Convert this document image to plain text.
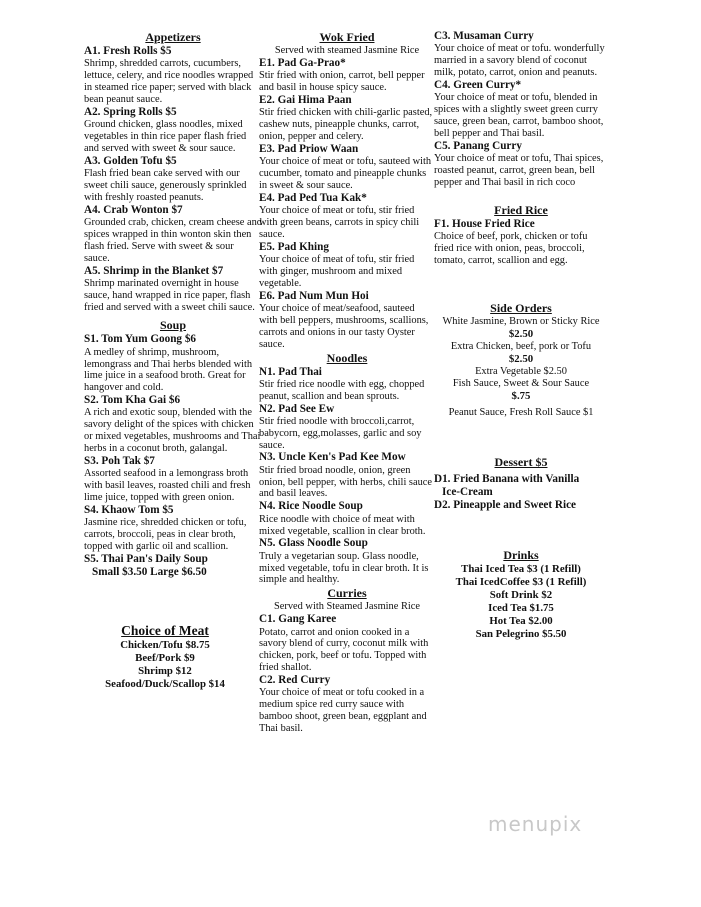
Appetizers
A1. Fresh Rolls $5
Shrimp, shredded carrots, cucumbers, lettuce, celery, and rice noodles wrapped in steamed rice paper; served with black bean peanut sauce.
A2. Spring Rolls $5
Ground chicken, glass noodles, mixed vegetables in thin rice paper flash fried and served with sweet & sour sauce.
A3. Golden Tofu $5
Flash fried bean cake served with our sweet chili sauce, generously sprinkled with freshly roasted peanuts.
A4. Crab Wonton $7
Grounded crab, chicken, cream cheese and spices wrapped in thin wonton skin then flash fried. Serve with sweet & sour sauce.
A5. Shrimp in the Blanket $7
Shrimp marinated overnight in house sauce, hand wrapped in rice paper, flash fried and served with a sweet chili sauce.
Soup
S1. Tom Yum Goong $6
A medley of shrimp, mushroom, lemongrass and Thai herbs blended with lime juice in a seafood broth. Great for hangover and cold.
S2. Tom Kha Gai $6
A rich and exotic soup, blended with the savory delight of the spices with chicken or mixed vegetables, mushrooms and Thai herbs in a coconut broth, galangal.
S3. Poh Tak $7
Assorted seafood in a lemongrass broth with basil leaves, roasted chili and fresh lime juice, topped with green onion.
S4. Khaow Tom $5
Jasmine rice, shredded chicken or tofu, carrots, broccoli, peas in clear broth, topped with garlic oil and scallion.
S5. Thai Pan's Daily Soup
Small $3.50 Large $6.50
Choice of Meat
Chicken/Tofu $8.75
Beef/Pork $9
Shrimp $12
Seafood/Duck/Scallop $14
Wok Fried
Served with steamed Jasmine Rice
E1. Pad Ga-Prao*
Stir fried with onion, carrot, bell pepper and basil in house spicy sauce.
E2. Gai Hima Paan
Stir fried chicken with chili-garlic pasted, cashew nuts, pineapple chunks, carrot, onion, pepper and celery.
E3. Pad Priow Waan
Your choice of meat or tofu, sauteed with cucumber, tomato and pineapple chunks in sweet & sour sauce.
E4. Pad Ped Tua Kak*
Your choice of meat or tofu, stir fried with green beans, carrots in spicy chili sauce.
E5. Pad Khing
Your choice of meat of tofu, stir fried with ginger, mushroom and mixed vegetable.
E6. Pad Num Mun Hoi
Your choice of meat/seafood, sauteed with bell peppers, mushrooms, scallions, carrots and onions in our tasty Oyster sauce.
Noodles
N1. Pad Thai
Stir fried rice noodle with egg, chopped peanut, scallion and bean sprouts.
N2. Pad See Ew
Stir fried noodle with broccoli,carrot, babycorn, egg,molasses, garlic and soy sauce.
N3. Uncle Ken's Pad Kee Mow
Stir fried broad noodle, onion, green onion, bell pepper, with herbs, chili sauce and basil leaves.
N4. Rice Noodle Soup
Rice noodle with choice of meat with mixed vegetable, scallion in clear broth.
N5. Glass Noodle Soup
Truly a vegetarian soup. Glass noodle, mixed vegetable, tofu in clear broth. It is simple and healthy.
Curries
Served with Steamed Jasmine Rice
C1. Gang Karee
Potato, carrot and onion cooked in a savory blend of curry, coconut milk with chicken, pork, beef or tofu. Topped with fried shallot.
C2. Red Curry
Your choice of meat or tofu cooked in a medium spice red curry sauce with bamboo shoot, green bean, eggplant and Thai basil.
C3. Musaman Curry
Your choice of meat or tofu. wonderfully married in a savory blend of coconut milk, potato, carrot, onion and peanuts.
C4. Green Curry*
Your choice of meat or tofu, blended in spices with a slightly sweet green curry sauce, green bean, carrot, bamboo shoot, bell pepper and Thai basil.
C5. Panang Curry
Your choice of meat or tofu, Thai spices, roasted peanut, carrot, green bean, bell pepper and Thai basil in rich coco
Fried Rice
F1. House Fried Rice
Choice of beef, pork, chicken or tofu fried rice with onion, peas, broccoli, tomato, carrot, scallion and egg.
Side Orders
White Jasmine, Brown or Sticky Rice
$2.50
Extra Chicken, beef, pork or Tofu
$2.50
Extra Vegetable $2.50
Fish Sauce, Sweet & Sour Sauce
$.75
Peanut Sauce, Fresh Roll Sauce $1
Dessert $5
D1. Fried Banana with Vanilla
Ice-Cream
D2. Pineapple and Sweet Rice
Drinks
Thai Iced Tea $3 (1 Refill)
Thai IcedCoffee $3 (1 Refill)
Soft Drink $2
Iced Tea $1.75
Hot Tea $2.00
San Pelegrino $5.50
menupix
